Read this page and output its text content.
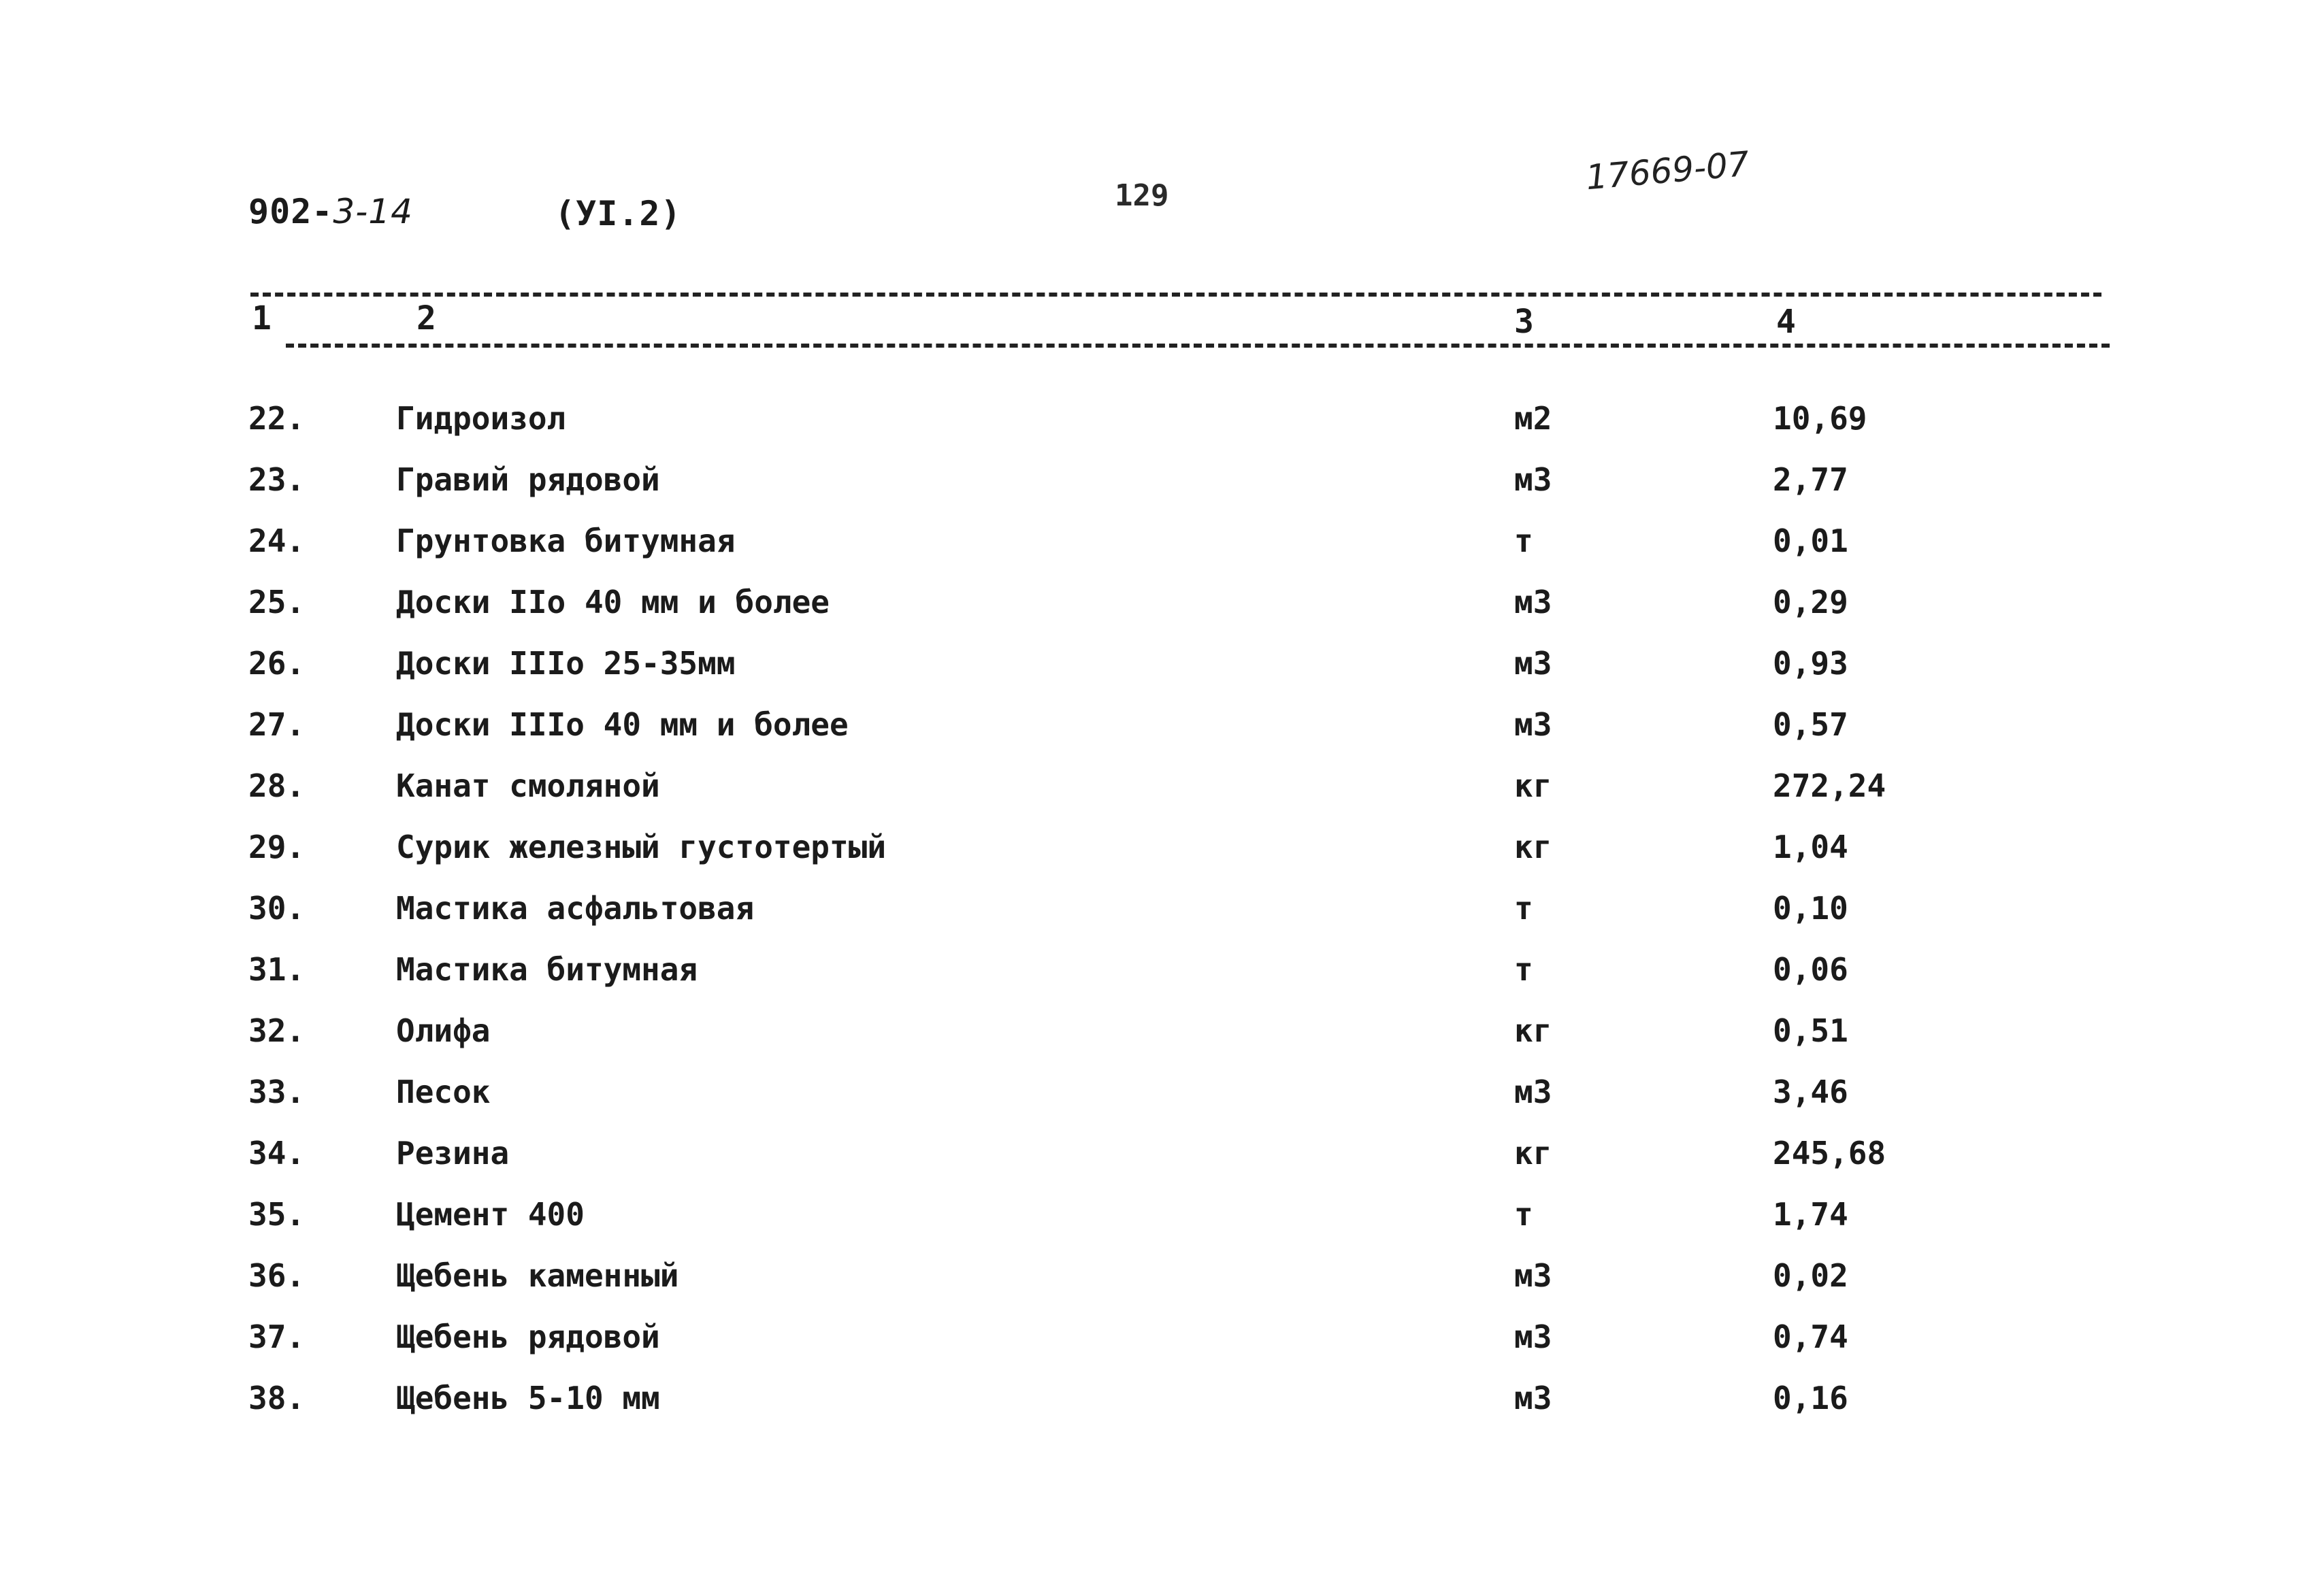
902-3-14	(УI.2)	129	17669-07
1	2	3	4
22.	Гидроизол	м2	10,69
23.	Гравий рядовой	м3	2,77
24.	Грунтовка битумная	т	0,01
25.	Доски IIо 40 мм и более	м3	0,29
26.	Доски IIIо 25-35мм	м3	0,93
27.	Доски IIIо 40 мм и более	м3	0,57
28.	Канат смоляной	кг	272,24
29.	Сурик железный густотертый	кг	1,04
30.	Мастика асфальтовая	т	0,10
31.	Мастика битумная	т	0,06
32.	Олифа	кг	0,51
33.	Песок	м3	3,46
34.	Резина	кг	245,68
35.	Цемент 400	т	1,74
36.	Щебень каменный	м3	0,02
37.	Щебень рядовой	м3	0,74
38.	Щебень 5-10 мм	м3	0,16
